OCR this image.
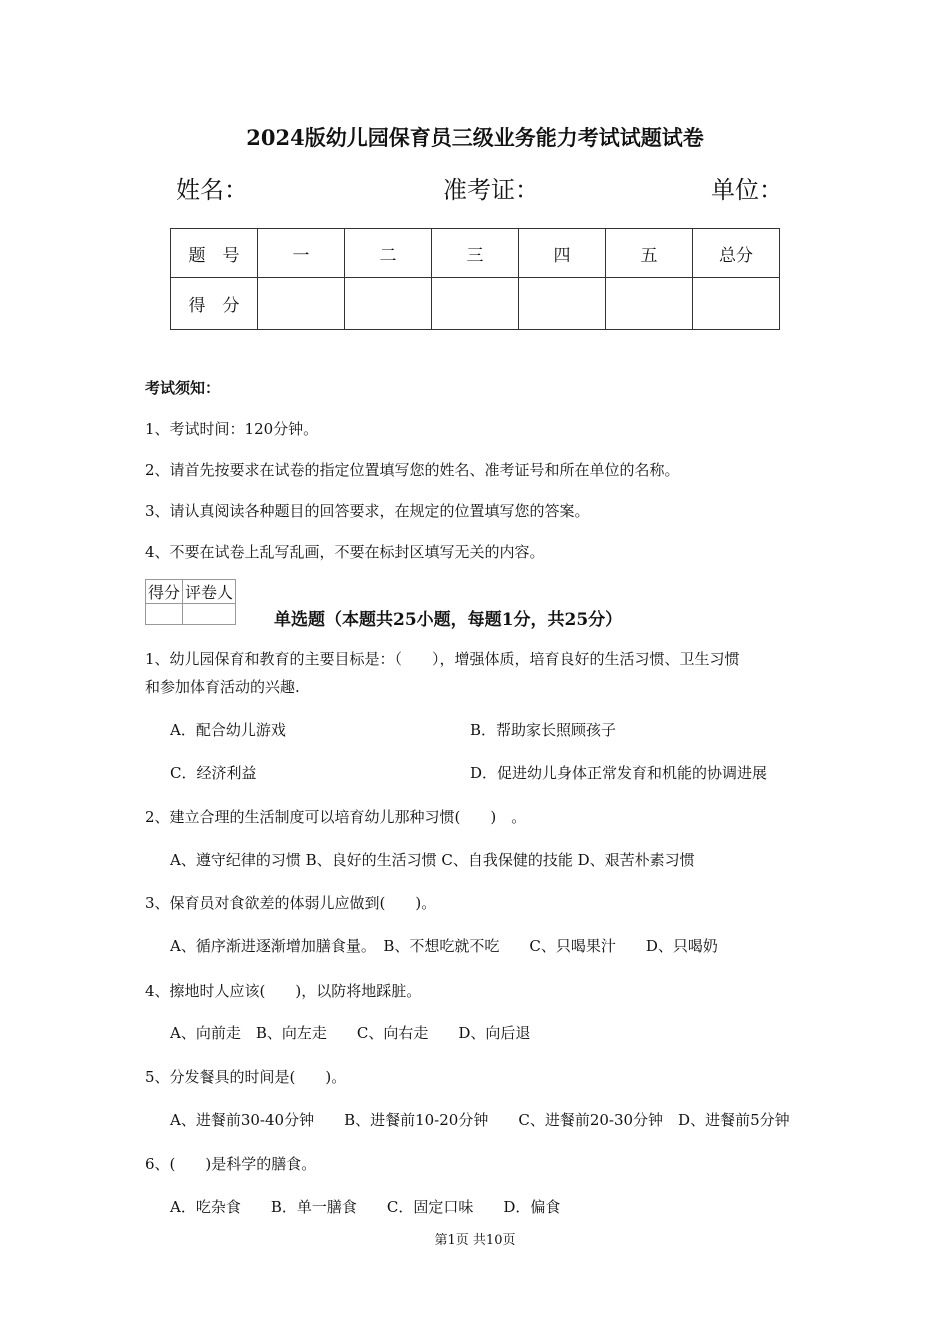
2024版幼儿园保育员三级业务能力考试试题试卷
姓名：	准考证：	单位：
题　号	一	二	三	四	五	总分
得　分						
考试须知：
1、考试时间：120分钟。
2、请首先按要求在试卷的指定位置填写您的姓名、准考证号和所在单位的名称。
3、请认真阅读各种题目的回答要求，在规定的位置填写您的答案。
4、不要在试卷上乱写乱画，不要在标封区填写无关的内容。
得分	评卷人

单选题（本题共25小题，每题1分，共25分）
1、幼儿园保育和教育的主要目标是：（　　），增强体质，培育良好的生活习惯、卫生习惯
和参加体育活动的兴趣.
A．配合幼儿游戏	B．帮助家长照顾孩子
C．经济利益	D．促进幼儿身体正常发育和机能的协调进展
2、建立合理的生活制度可以培育幼儿那种习惯(　　)　。
A、遵守纪律的习惯 B、良好的生活习惯 C、自我保健的技能 D、艰苦朴素习惯
3、保育员对食欲差的体弱儿应做到(　　)。
A、循序渐进逐渐增加膳食量。　B、不想吃就不吃　　C、只喝果汁　　D、只喝奶
4、擦地时人应该(　　)，以防将地踩脏。
A、向前走　B、向左走　　C、向右走　　D、向后退
5、分发餐具的时间是(　　)。
A、进餐前30-40分钟　　B、进餐前10-20分钟　　C、进餐前20-30分钟　D、进餐前5分钟
6、(　　)是科学的膳食。
A．吃杂食　　B．单一膳食　　C．固定口味　　D．偏食
第1页 共10页
